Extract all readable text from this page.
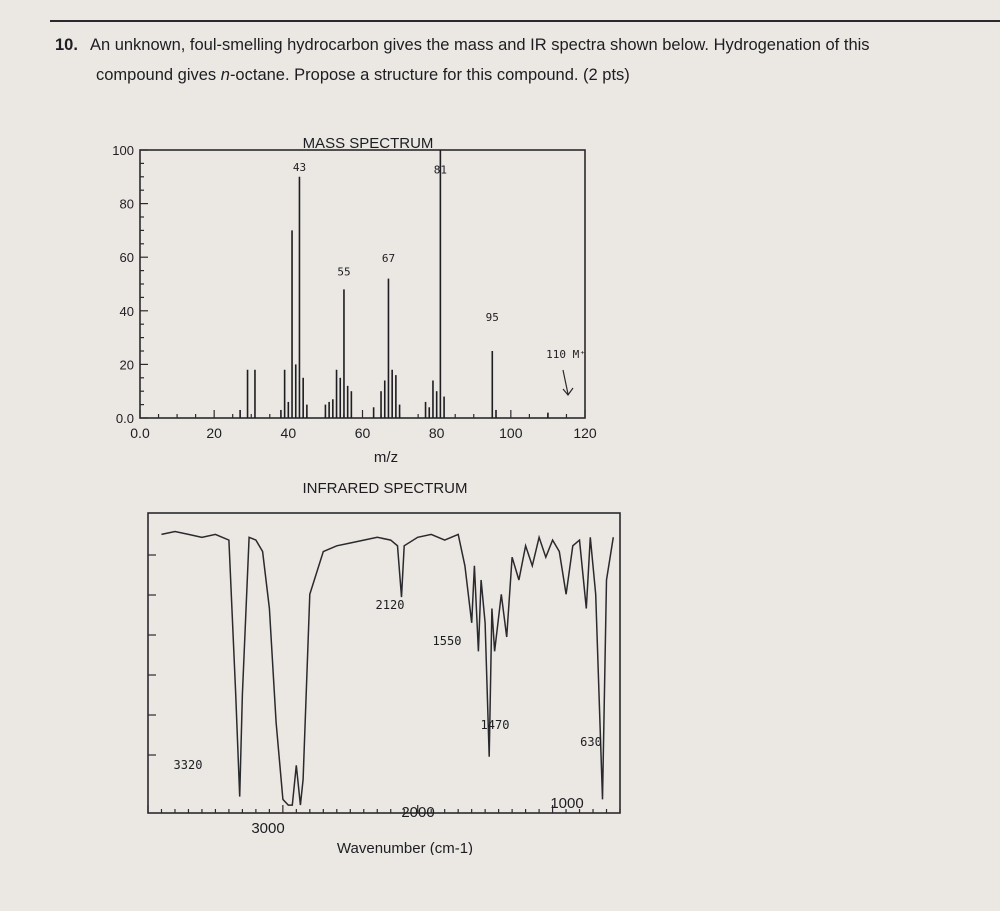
10. An unknown, foul-smelling hydrocarbon gives the mass and IR spectra shown below. Hydrogenation of this
compound gives n-octane. Propose a structure for this compound. (2 pts)
MASS SPECTRUM
0.0
20
40
60
80
100
0.0	20	40	60	80	100	120
43
55
67
81
95
m/z
110 M⁺
INFRARED SPECTRUM
3320
2120
1550
1470
630
3000
2000
1000
Wavenumber (cm-1)
